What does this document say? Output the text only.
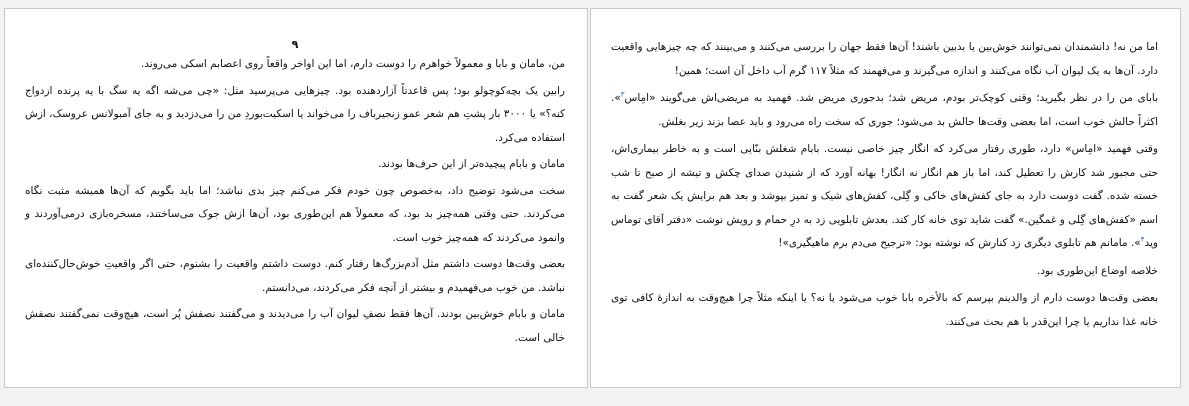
۹

من، مامان و بابا و معمولاً خواهرم را دوست دارم، اما این اواخر واقعاً روی اعصابم اسکی می‌روند.

رابین یک بچه‌کوچولو بود؛ پس قاعدتاً آزاردهنده بود. چیزهایی می‌پرسید مثل: «چی می‌شه اگه یه سگ با یه پرنده ازدواج کنه؟» یا ۳۰۰۰ بار پشتِ هم شعر عمو زنجیرباف را می‌خواند یا اسکیت‌بوردِ من را می‌دزدید و به جای آمبولانس عروسک، ازش استفاده می‌کرد.

مامان و بابام پیچیده‌تر از این حرف‌ها بودند.

سخت می‌شود توضیح داد، به‌خصوص چون خودم فکر می‌کنم چیز بدی نباشد؛ اما باید بگویم که آن‌ها همیشه مثبت نگاه می‌کردند. حتی وقتی همه‌چیز بد بود، که معمولاً هم این‌طوری بود، آن‌ها ازش جوک می‌ساختند، مسخره‌بازی درمی‌آوردند و وانمود می‌کردند که همه‌چیز خوب است.

بعضی وقت‌ها دوست داشتم مثل آدم‌بزرگ‌ها رفتار کنم. دوست داشتم واقعیت را بشنوم، حتی اگر واقعیتِ خوش‌حال‌کننده‌ای نباشد. من خوب می‌فهمیدم و بیشتر از آنچه فکر می‌کردند، می‌دانستم.

مامان و بابام خوش‌بین بودند. آن‌ها فقط نصفِ لیوان آب را می‌دیدند و می‌گفتند نصفش پُر است، هیچ‌وقت نمی‌گفتند نصفش خالی است.

اما من نه! دانشمندان نمی‌توانند خوش‌بین یا بدبین باشند! آن‌ها فقط جهان را بررسی می‌کنند و می‌بینند که چه چیزهایی واقعیت دارد. آن‌ها به یک لیوان آب نگاه می‌کنند و اندازه می‌گیرند و می‌فهمند که مثلاً ۱۱۷ گرم آب داخل آن است؛ همین!

بابای من را در نظر بگیرید؛ وقتی کوچک‌تر بودم، مریض شد؛ بدجوری مریض شد. فهمید به مریضی‌اش می‌گویند «امِاس$^۳$». اکثراً حالش خوب است، اما بعضی وقت‌ها حالش بد می‌شود؛ جوری که سخت راه می‌رود و باید عصا بزند زیر بغلش.

وقتی فهمید «امِاس» دارد، طوری رفتار می‌کرد که انگار چیز خاصی نیست. بابام شغلش بنّایی است و به خاطر بیماری‌اش، حتی مجبور شد کارش را تعطیل کند، اما باز هم انگار نه انگار! بهانه آورد که از شنیدن صدای چکش و تیشه از صبح تا شب خسته شده. گفت دوست دارد به جای کفش‌های خاکی و گِلی، کفش‌های شیک و تمیز بپوشد و بعد هم برایش یک شعر گفت به اسم «کفش‌های گِلی و غمگین.» گفت شاید توی خانه کار کند. بعدش تابلویی زد به درِ حمام و رویش نوشت «دفتر آقای توماس وید$^۴$». مامانم هم تابلوی دیگری زد کنارش که نوشته بود: «ترجیح می‌دم برم ماهیگیری»!

خلاصه اوضاع این‌طوری بود.

بعضی وقت‌ها دوست دارم از والدینم بپرسم که بالأخره بابا خوب می‌شود یا نه؟ یا اینکه مثلاً چرا هیچ‌وقت به اندازهٔ کافی توی خانه غذا نداریم یا چرا این‌قدر با هم بحث می‌کنند.
